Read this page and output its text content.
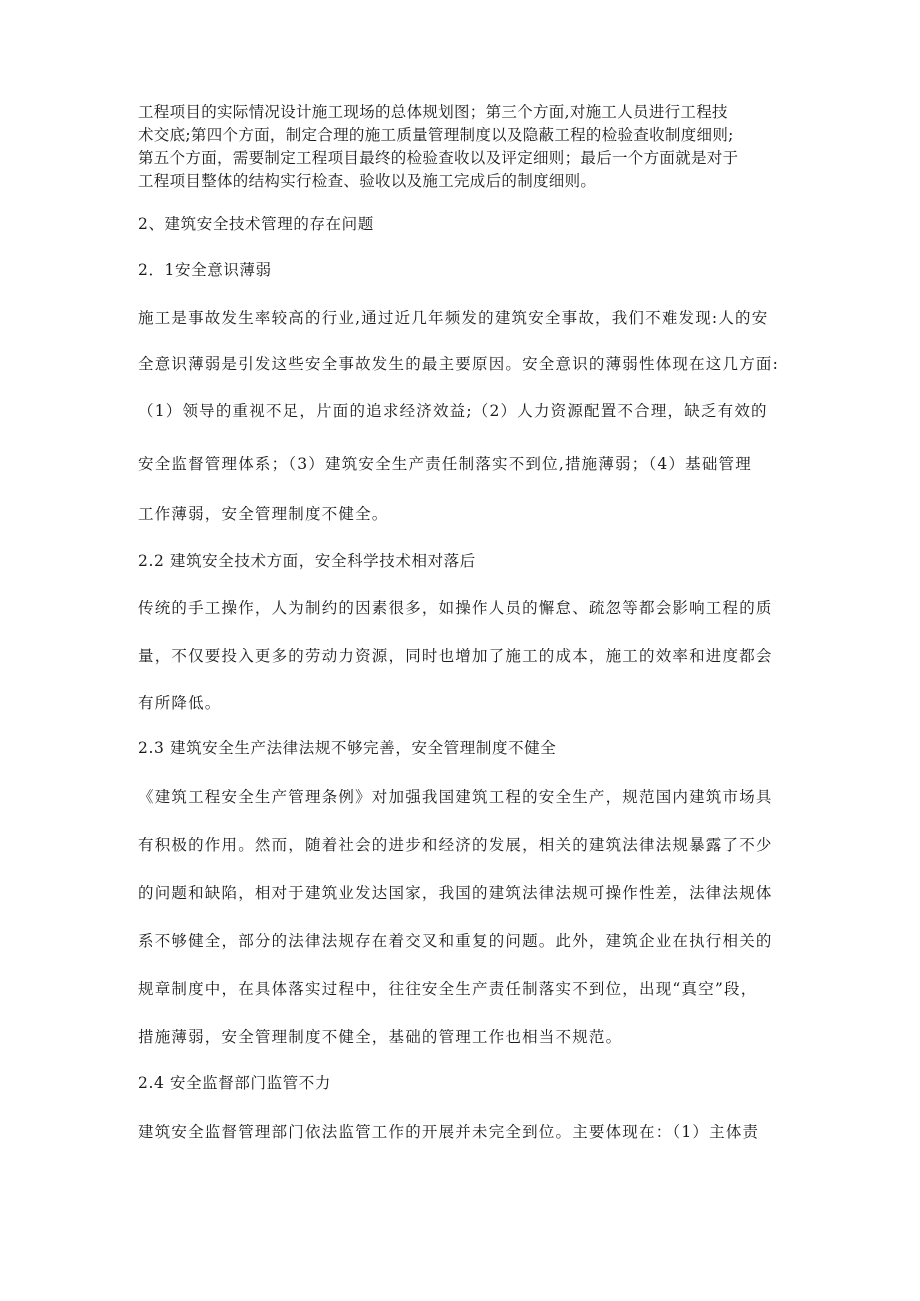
工程项目的实际情况设计施工现场的总体规划图；第三个方面,对施工人员进行工程技
术交底;第四个方面，制定合理的施工质量管理制度以及隐蔽工程的检验查收制度细则;
第五个方面，需要制定工程项目最终的检验查收以及评定细则；最后一个方面就是对于
工程项目整体的结构实行检查、验收以及施工完成后的制度细则。
2、建筑安全技术管理的存在问题
2．1安全意识薄弱
施工是事故发生率较高的行业,通过近几年频发的建筑安全事故，我们不难发现:人的安
全意识薄弱是引发这些安全事故发生的最主要原因。安全意识的薄弱性体现在这几方面:
（1）领导的重视不足，片面的追求经济效益;（2）人力资源配置不合理，缺乏有效的
安全监督管理体系；（3）建筑安全生产责任制落实不到位,措施薄弱；（4）基础管理
工作薄弱，安全管理制度不健全。
2.2 建筑安全技术方面，安全科学技术相对落后
传统的手工操作，人为制约的因素很多，如操作人员的懈怠、疏忽等都会影响工程的质
量，不仅要投入更多的劳动力资源，同时也增加了施工的成本，施工的效率和进度都会
有所降低。
2.3 建筑安全生产法律法规不够完善，安全管理制度不健全
《建筑工程安全生产管理条例》对加强我国建筑工程的安全生产，规范国内建筑市场具
有积极的作用。然而，随着社会的进步和经济的发展，相关的建筑法律法规暴露了不少
的问题和缺陷，相对于建筑业发达国家，我国的建筑法律法规可操作性差，法律法规体
系不够健全，部分的法律法规存在着交叉和重复的问题。此外，建筑企业在执行相关的
规章制度中，在具体落实过程中，往往安全生产责任制落实不到位，出现“真空”段，
措施薄弱，安全管理制度不健全，基础的管理工作也相当不规范。
2.4 安全监督部门监管不力
建筑安全监督管理部门依法监管工作的开展并未完全到位。主要体现在：（1）主体责
